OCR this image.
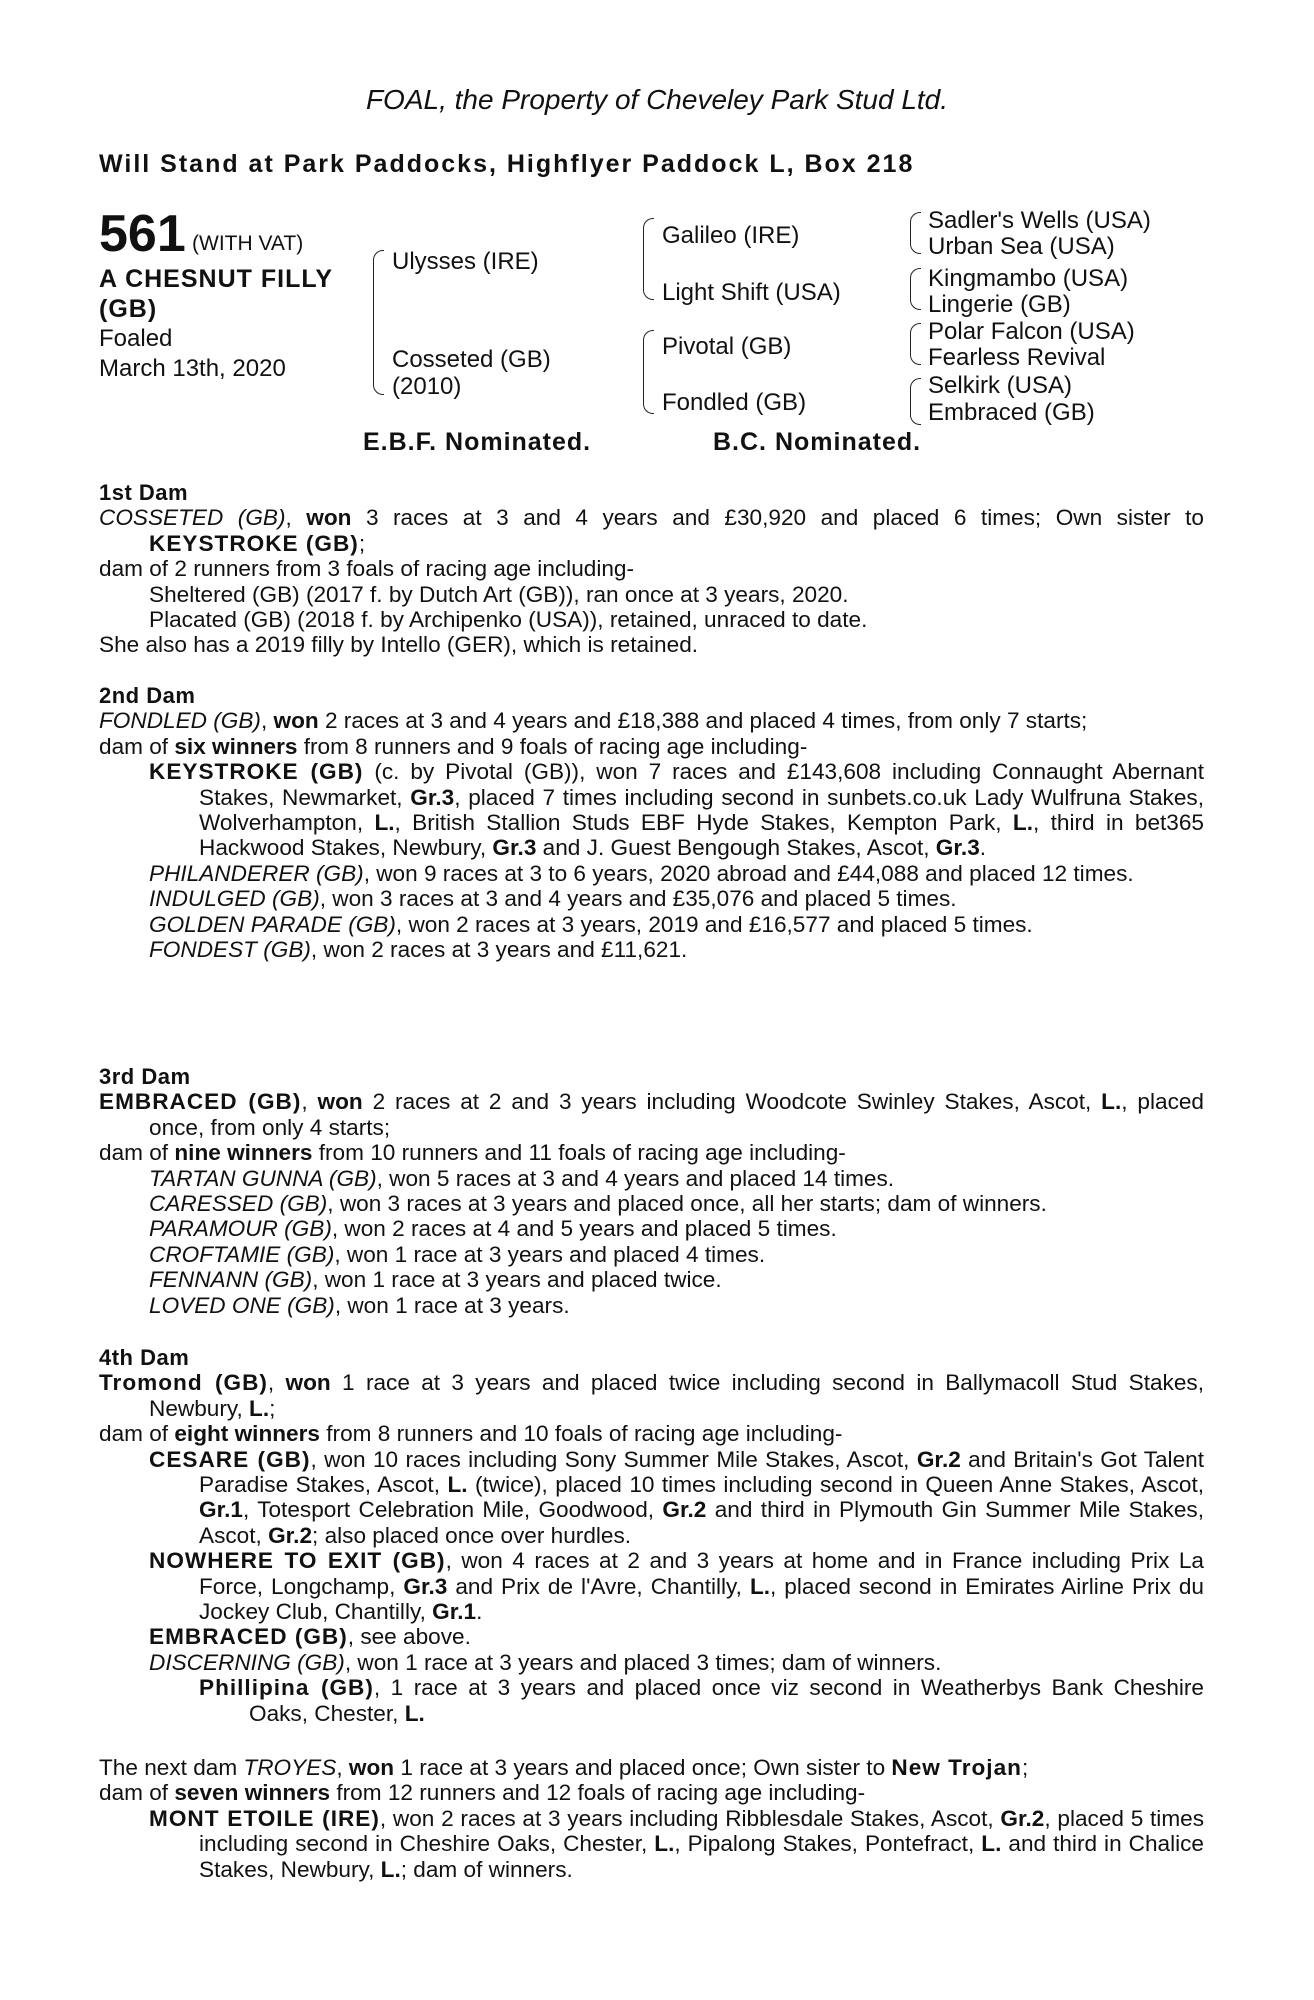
FOAL, the Property of Cheveley Park Stud Ltd.
Will Stand at Park Paddocks, Highflyer Paddock L, Box 218
561 (WITH VAT)
A CHESNUT FILLY
(GB)
Foaled
March 13th, 2020
Ulysses (IRE)
Cosseted (GB)
(2010)
Galileo (IRE)
Light Shift (USA)
Pivotal (GB)
Fondled (GB)
Sadler's Wells (USA)
Urban Sea (USA)
Kingmambo (USA)
Lingerie (GB)
Polar Falcon (USA)
Fearless Revival
Selkirk (USA)
Embraced (GB)
E.B.F. Nominated.	B.C. Nominated.
1st Dam

COSSETED (GB), won 3 races at 3 and 4 years and £30,920 and placed 6 times; Own sister to KEYSTROKE (GB);

dam of 2 runners from 3 foals of racing age including-

Sheltered (GB) (2017 f. by Dutch Art (GB)), ran once at 3 years, 2020.

Placated (GB) (2018 f. by Archipenko (USA)), retained, unraced to date.

She also has a 2019 filly by Intello (GER), which is retained.

2nd Dam

FONDLED (GB), won 2 races at 3 and 4 years and £18,388 and placed 4 times, from only 7 starts;

dam of six winners from 8 runners and 9 foals of racing age including-

KEYSTROKE (GB) (c. by Pivotal (GB)), won 7 races and £143,608 including Connaught Abernant Stakes, Newmarket, Gr.3, placed 7 times including second in sunbets.co.uk Lady Wulfruna Stakes, Wolverhampton, L., British Stallion Studs EBF Hyde Stakes, Kempton Park, L., third in bet365 Hackwood Stakes, Newbury, Gr.3 and J. Guest Bengough Stakes, Ascot, Gr.3.

PHILANDERER (GB), won 9 races at 3 to 6 years, 2020 abroad and £44,088 and placed 12 times.

INDULGED (GB), won 3 races at 3 and 4 years and £35,076 and placed 5 times.

GOLDEN PARADE (GB), won 2 races at 3 years, 2019 and £16,577 and placed 5 times.

FONDEST (GB), won 2 races at 3 years and £11,621.

3rd Dam

EMBRACED (GB), won 2 races at 2 and 3 years including Woodcote Swinley Stakes, Ascot, L., placed once, from only 4 starts;

dam of nine winners from 10 runners and 11 foals of racing age including-

TARTAN GUNNA (GB), won 5 races at 3 and 4 years and placed 14 times.

CARESSED (GB), won 3 races at 3 years and placed once, all her starts; dam of winners.

PARAMOUR (GB), won 2 races at 4 and 5 years and placed 5 times.

CROFTAMIE (GB), won 1 race at 3 years and placed 4 times.

FENNANN (GB), won 1 race at 3 years and placed twice.

LOVED ONE (GB), won 1 race at 3 years.

4th Dam

Tromond (GB), won 1 race at 3 years and placed twice including second in Ballymacoll Stud Stakes, Newbury, L.;

dam of eight winners from 8 runners and 10 foals of racing age including-

CESARE (GB), won 10 races including Sony Summer Mile Stakes, Ascot, Gr.2 and Britain's Got Talent Paradise Stakes, Ascot, L. (twice), placed 10 times including second in Queen Anne Stakes, Ascot, Gr.1, Totesport Celebration Mile, Goodwood, Gr.2 and third in Plymouth Gin Summer Mile Stakes, Ascot, Gr.2; also placed once over hurdles.

NOWHERE TO EXIT (GB), won 4 races at 2 and 3 years at home and in France including Prix La Force, Longchamp, Gr.3 and Prix de l'Avre, Chantilly, L., placed second in Emirates Airline Prix du Jockey Club, Chantilly, Gr.1.

EMBRACED (GB), see above.

DISCERNING (GB), won 1 race at 3 years and placed 3 times; dam of winners.

Phillipina (GB), 1 race at 3 years and placed once viz second in Weatherbys Bank Cheshire Oaks, Chester, L.

The next dam TROYES, won 1 race at 3 years and placed once; Own sister to New Trojan;

dam of seven winners from 12 runners and 12 foals of racing age including-

MONT ETOILE (IRE), won 2 races at 3 years including Ribblesdale Stakes, Ascot, Gr.2, placed 5 times including second in Cheshire Oaks, Chester, L., Pipalong Stakes, Pontefract, L. and third in Chalice Stakes, Newbury, L.; dam of winners.
